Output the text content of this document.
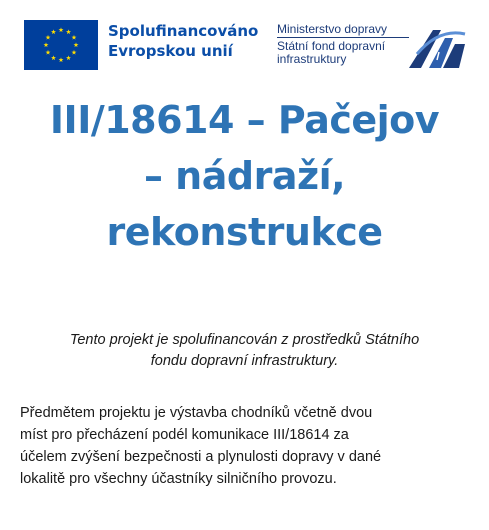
Spolufinancováno
Evropskou unií
Ministerstvo dopravy
Státní fond dopravní
infrastruktury
III/18614 – Pačejov
– nádraží,
rekonstrukce
Tento projekt je spolufinancován z prostředků Státního
fondu dopravní infrastruktury.
Předmětem projektu je výstavba chodníků včetně dvou
míst pro přecházení podél komunikace III/18614 za
účelem zvýšení bezpečnosti a plynulosti dopravy v dané
lokalitě pro všechny účastníky silničního provozu.
